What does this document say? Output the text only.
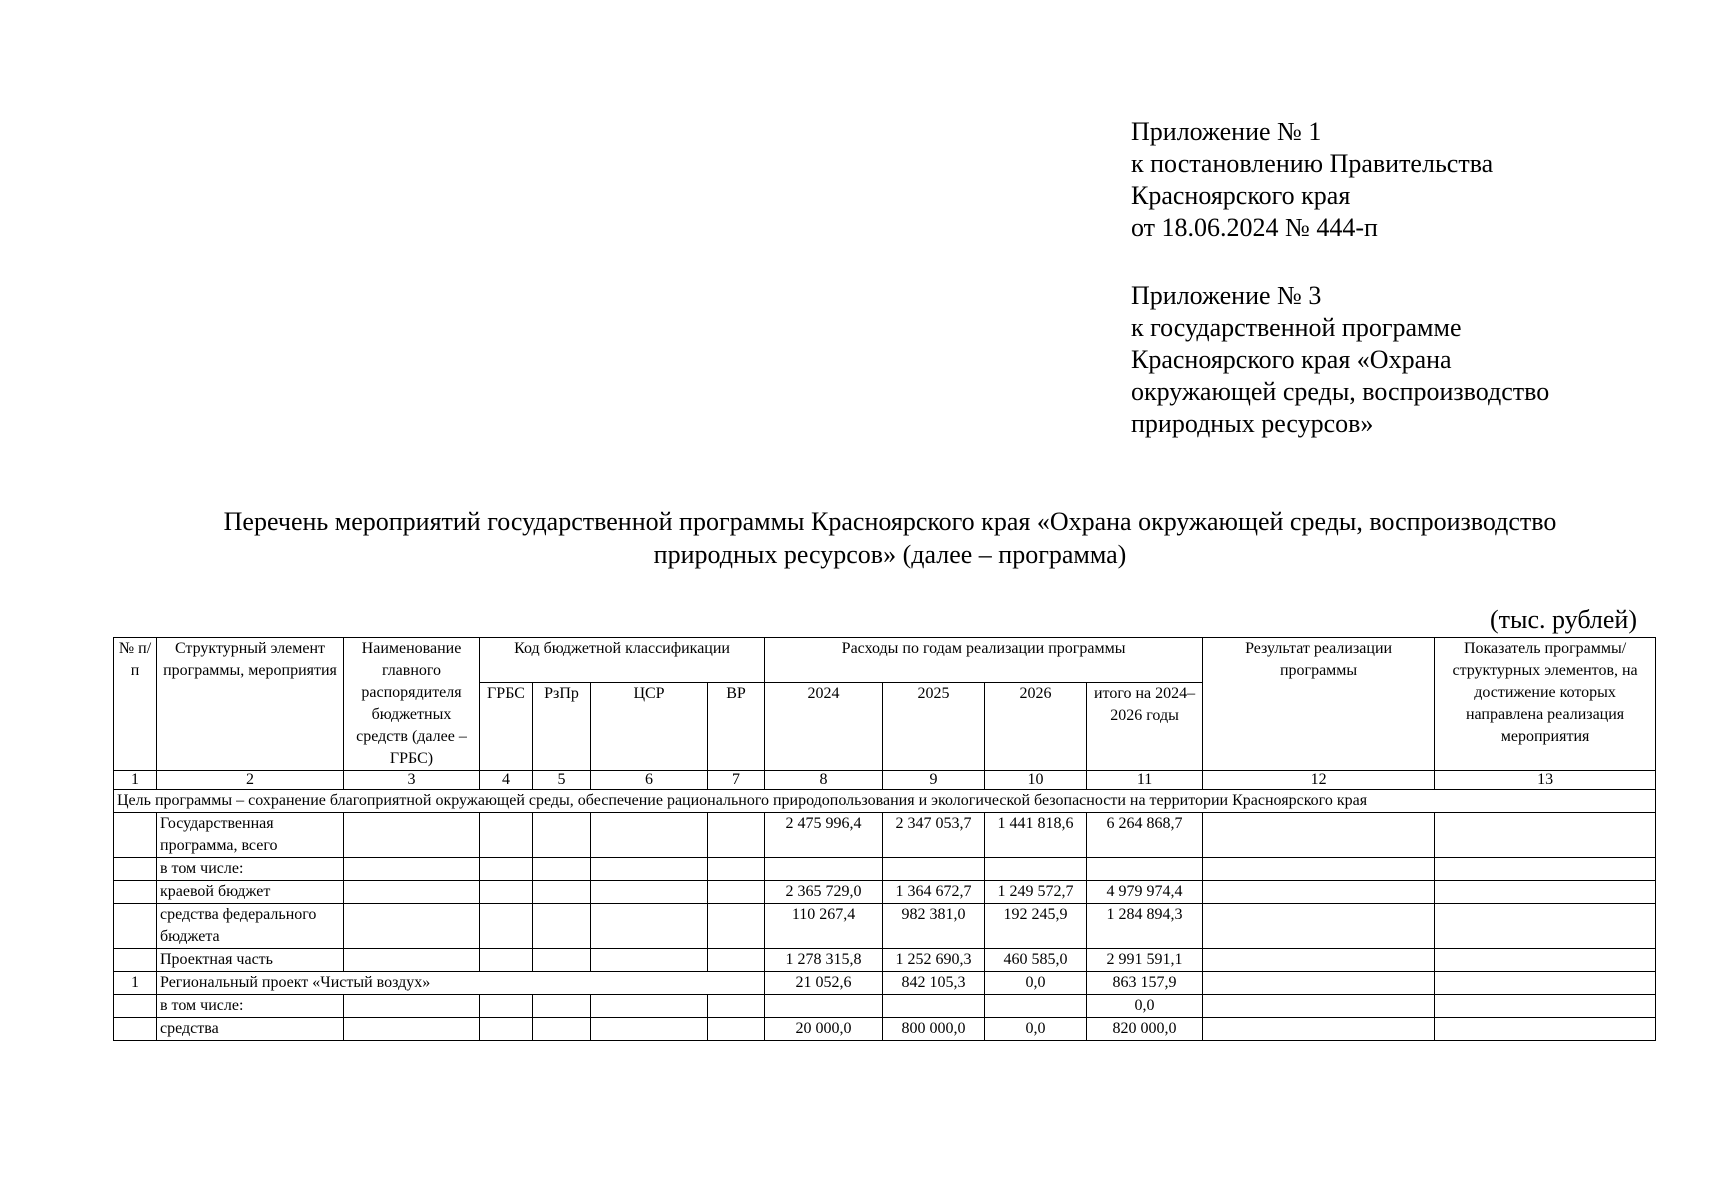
Приложение № 1
к постановлению Правительства
Красноярского края
от 18.06.2024 № 444-п
Приложение № 3
к государственной программе
Красноярского края «Охрана
окружающей среды, воспроизводство
природных ресурсов»
Перечень мероприятий государственной программы Красноярского края «Охрана окружающей среды, воспроизводство
природных ресурсов» (далее – программа)
(тыс. рублей)
№ п/п	Структурный элемент программы, мероприятия	Наименование главного распорядителя бюджетных средств (далее – ГРБС)	Код бюджетной классификации				Расходы по годам реализации программы				Результат реализации программы	Показатель программы/ структурных элементов, на достижение которых направлена реализация мероприятия
			ГРБС	РзПр	ЦСР	ВР	2024	2025	2026	итого на 2024–2026 годы		
1	2	3	4	5	6	7	8	9	10	11	12	13
Цель программы – сохранение благоприятной окружающей среды, обеспечение рационального природопользования и экологической безопасности на территории Красноярского края												
	Государственная программа, всего						2 475 996,4	2 347 053,7	1 441 818,6	6 264 868,7		
	в том числе:											
	краевой бюджет						2 365 729,0	1 364 672,7	1 249 572,7	4 979 974,4		
	средства федерального бюджета						110 267,4	982 381,0	192 245,9	1 284 894,3		
	Проектная часть						1 278 315,8	1 252 690,3	460 585,0	2 991 591,1		
1	Региональный проект «Чистый воздух»						21 052,6	842 105,3	0,0	863 157,9		
	в том числе:									0,0		
	средства						20 000,0	800 000,0	0,0	820 000,0		
